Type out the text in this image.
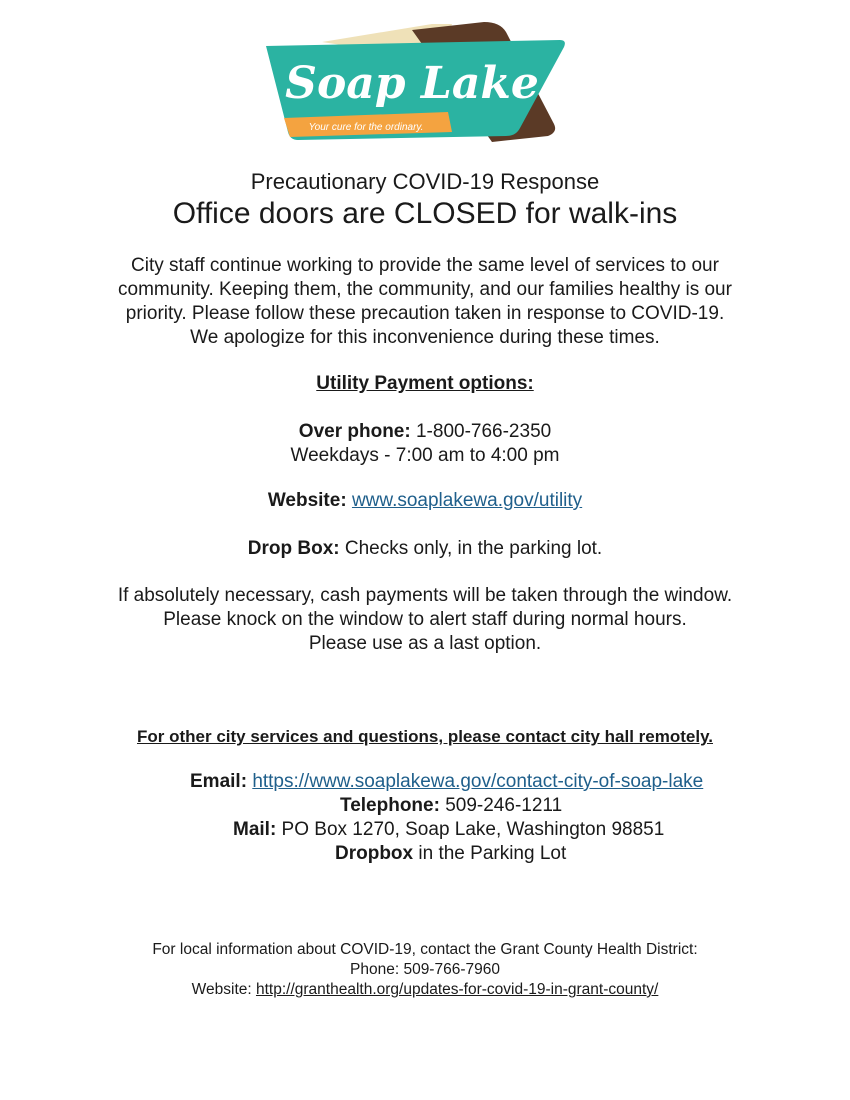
Soap Lake
Your cure for the ordinary.
Precautionary COVID-19 Response
Office doors are CLOSED for walk-ins
City staff continue working to provide the same level of services to our
community. Keeping them, the community, and our families healthy is our
priority. Please follow these precaution taken in response to COVID-19.
We apologize for this inconvenience during these times.
Utility Payment options:
Over phone: 1-800-766-2350
Weekdays - 7:00 am to 4:00 pm
Website: www.soaplakewa.gov/utility
Drop Box: Checks only, in the parking lot.
If absolutely necessary, cash payments will be taken through the window.
Please knock on the window to alert staff during normal hours.
Please use as a last option.
For other city services and questions, please contact city hall remotely.
Email: https://www.soaplakewa.gov/contact-city-of-soap-lake
Telephone: 509-246-1211
Mail: PO Box 1270, Soap Lake, Washington 98851
Dropbox in the Parking Lot
For local information about COVID-19, contact the Grant County Health District:
Phone: 509-766-7960
Website: http://granthealth.org/updates-for-covid-19-in-grant-county/
